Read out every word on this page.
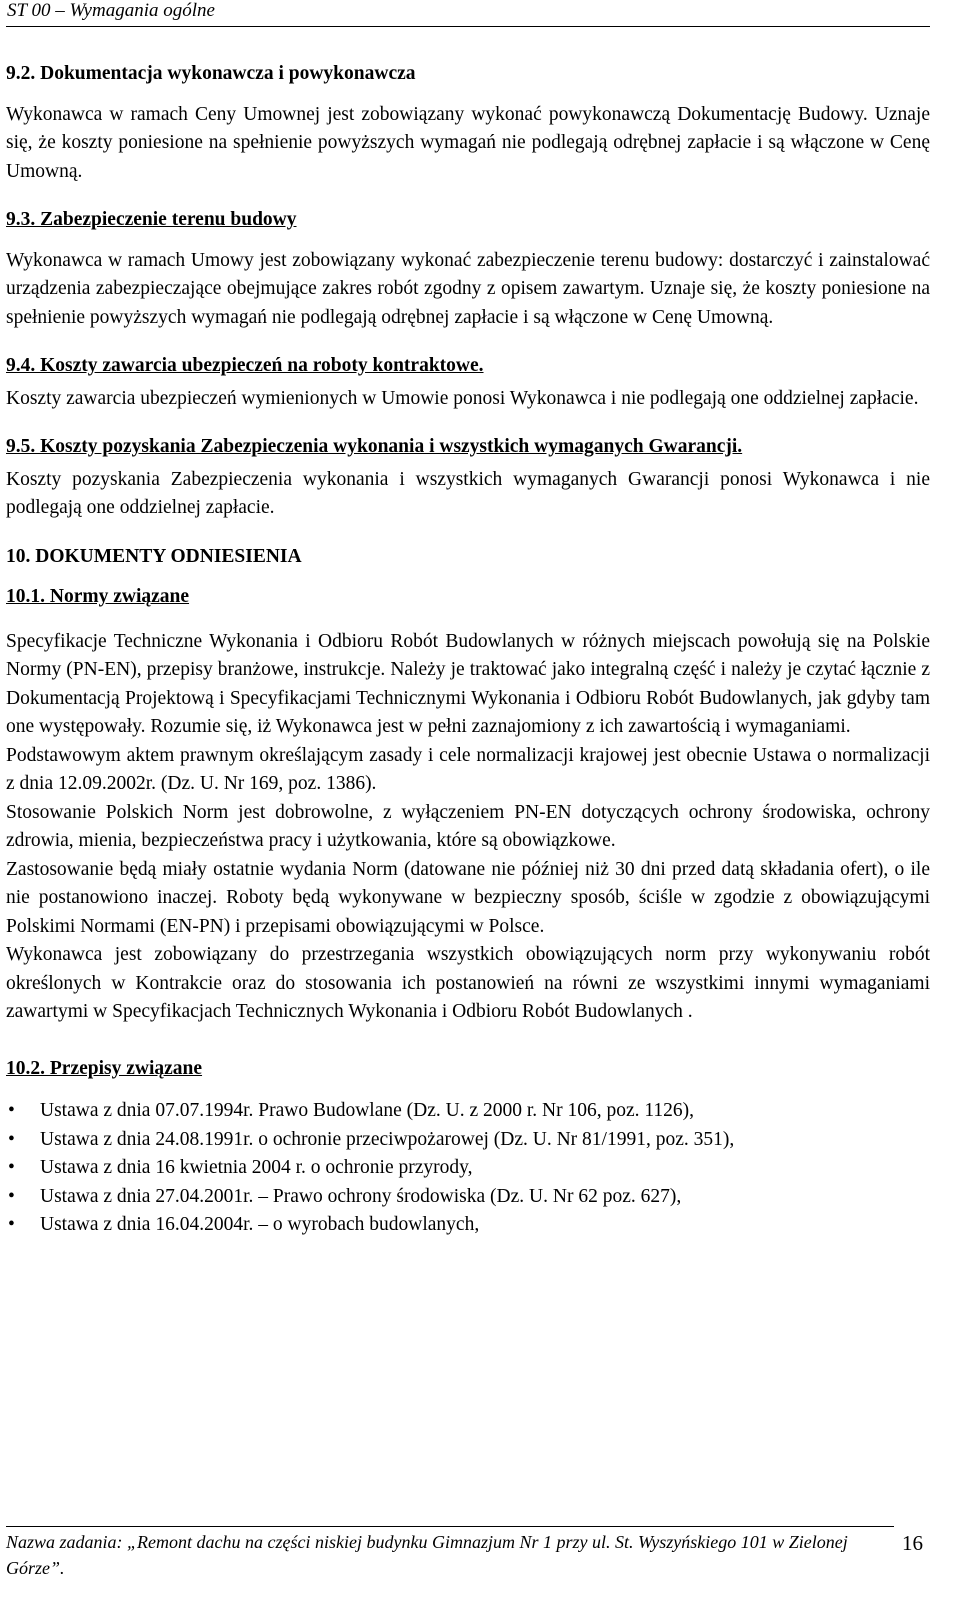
ST 00 – Wymagania ogólne
9.2. Dokumentacja wykonawcza i powykonawcza

Wykonawca w ramach Ceny Umownej jest zobowiązany wykonać powykonawczą Dokumentację Budowy. Uznaje się, że koszty poniesione na spełnienie powyższych wymagań nie podlegają odrębnej zapłacie i są włączone w Cenę Umowną.

9.3. Zabezpieczenie terenu budowy

Wykonawca w ramach Umowy jest zobowiązany wykonać zabezpieczenie terenu budowy: dostarczyć i zainstalować urządzenia zabezpieczające obejmujące zakres robót zgodny z opisem zawartym. Uznaje się, że koszty poniesione na spełnienie powyższych wymagań nie podlegają odrębnej zapłacie i są włączone w Cenę Umowną.

9.4. Koszty zawarcia ubezpieczeń na roboty kontraktowe.

Koszty zawarcia ubezpieczeń wymienionych w Umowie ponosi Wykonawca i nie podlegają one oddzielnej zapłacie.

9.5. Koszty pozyskania Zabezpieczenia wykonania i wszystkich wymaganych Gwarancji.

Koszty pozyskania Zabezpieczenia wykonania i wszystkich wymaganych Gwarancji ponosi Wykonawca i nie podlegają one oddzielnej zapłacie.

10. DOKUMENTY ODNIESIENIA
10.1. Normy związane

Specyfikacje Techniczne Wykonania i Odbioru Robót Budowlanych w różnych miejscach powołują się na Polskie Normy (PN-EN), przepisy branżowe, instrukcje. Należy je traktować jako integralną część i należy je czytać łącznie z Dokumentacją Projektową i Specyfikacjami Technicznymi Wykonania i Odbioru Robót Budowlanych, jak gdyby tam one występowały. Rozumie się, iż Wykonawca jest w pełni zaznajomiony z ich zawartością i wymaganiami.

Podstawowym aktem prawnym określającym zasady i cele normalizacji krajowej jest obecnie Ustawa o normalizacji z dnia 12.09.2002r. (Dz. U. Nr 169, poz. 1386).

Stosowanie Polskich Norm jest dobrowolne, z wyłączeniem PN-EN dotyczących ochrony środowiska, ochrony zdrowia, mienia, bezpieczeństwa pracy i użytkowania, które są obowiązkowe.

Zastosowanie będą miały ostatnie wydania Norm (datowane nie później niż 30 dni przed datą składania ofert), o ile nie postanowiono inaczej. Roboty będą wykonywane w bezpieczny sposób, ściśle w zgodzie z obowiązującymi Polskimi Normami (EN-PN) i przepisami obowiązującymi w Polsce.

Wykonawca jest zobowiązany do przestrzegania wszystkich obowiązujących norm przy wykonywaniu robót określonych w Kontrakcie oraz do stosowania ich postanowień na równi ze wszystkimi innymi wymaganiami zawartymi w Specyfikacjach Technicznych Wykonania i Odbioru Robót Budowlanych .

10.2. Przepisy związane
• Ustawa z dnia 07.07.1994r. Prawo Budowlane (Dz. U. z 2000 r. Nr 106, poz. 1126),
• Ustawa z dnia 24.08.1991r. o ochronie przeciwpożarowej (Dz. U. Nr 81/1991, poz. 351),
• Ustawa z dnia 16 kwietnia 2004 r. o ochronie przyrody,
• Ustawa z dnia 27.04.2001r. – Prawo ochrony środowiska (Dz. U. Nr 62 poz. 627),
• Ustawa z dnia 16.04.2004r. – o wyrobach budowlanych,
Nazwa zadania: „Remont dachu na części niskiej budynku Gimnazjum Nr 1 przy ul. St. Wyszyńskiego 101 w Zielonej Górze”.
16
